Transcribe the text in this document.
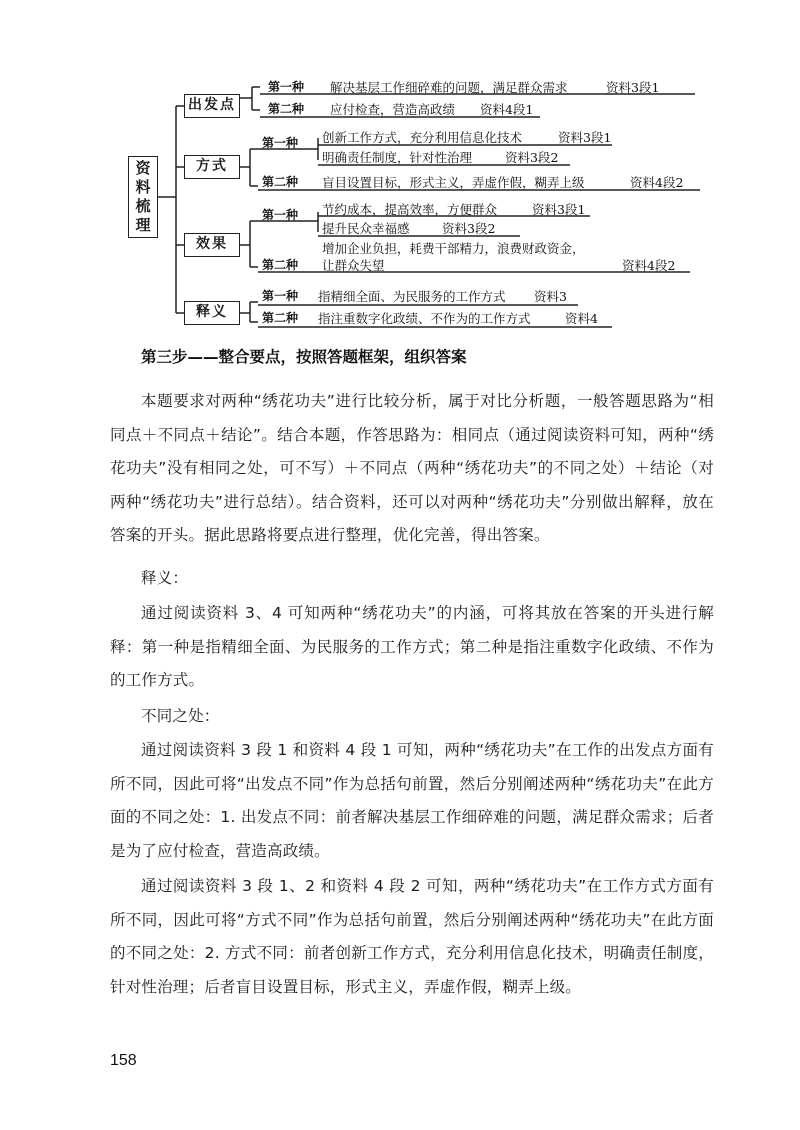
资
料
梳
理
出发点
方式
效果
释义
第一种 解决基层工作细碎难的问题，满足群众需求	资料3段1
第二种 应付检查，营造高政绩 资料4段1
第一种 创新工作方式，充分利用信息化技术	资料3段1
明确责任制度，针对性治理	资料3段2
第二种 盲目设置目标，形式主义，弄虚作假，糊弄上级	资料4段2
第一种 节约成本，提高效率，方便群众	资料3段1
提升民众幸福感	资料3段2
第二种
增加企业负担，耗费干部精力，浪费财政资金，
让群众失望	资料4段2
第一种 指精细全面、为民服务的工作方式 资料3
第二种 指注重数字化政绩、不作为的工作方式	资料4
第三步——整合要点，按照答题框架，组织答案
本题要求对两种“绣花功夫”进行比较分析，属于对比分析题，一般答题思路为“相同点＋不同点＋结论”。结合本题，作答思路为：相同点（通过阅读资料可知，两种“绣花功夫”没有相同之处，可不写）＋不同点（两种“绣花功夫”的不同之处）＋结论（对两种“绣花功夫”进行总结）。结合资料，还可以对两种“绣花功夫”分别做出解释，放在答案的开头。据此思路将要点进行整理，优化完善，得出答案。
释义：
通过阅读资料 3、4 可知两种“绣花功夫”的内涵，可将其放在答案的开头进行解释：第一种是指精细全面、为民服务的工作方式；第二种是指注重数字化政绩、不作为的工作方式。
不同之处：
通过阅读资料 3 段 1 和资料 4 段 1 可知，两种“绣花功夫”在工作的出发点方面有所不同，因此可将“出发点不同”作为总括句前置，然后分别阐述两种“绣花功夫”在此方面的不同之处：1. 出发点不同：前者解决基层工作细碎难的问题，满足群众需求；后者是为了应付检查，营造高政绩。
通过阅读资料 3 段 1、2 和资料 4 段 2 可知，两种“绣花功夫”在工作方式方面有所不同，因此可将“方式不同”作为总括句前置，然后分别阐述两种“绣花功夫”在此方面的不同之处：2. 方式不同：前者创新工作方式，充分利用信息化技术，明确责任制度，针对性治理；后者盲目设置目标，形式主义，弄虚作假，糊弄上级。
158
